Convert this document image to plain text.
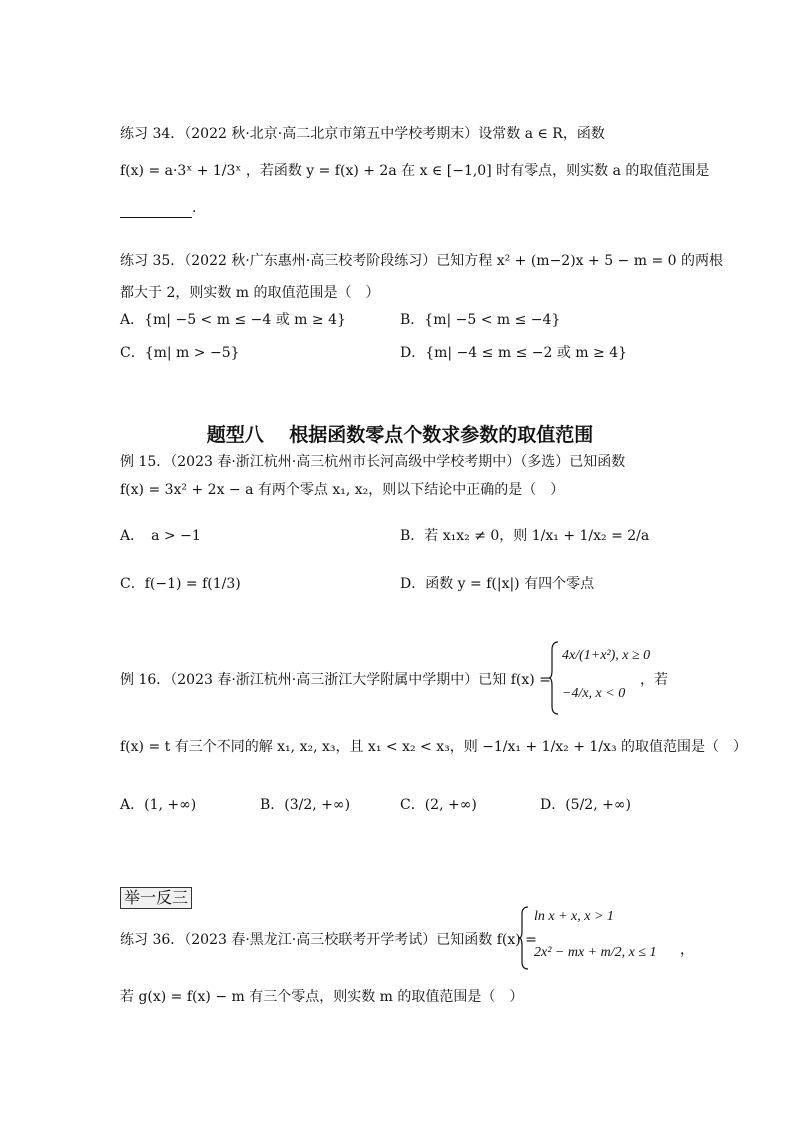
练习 34．（2022 秋·北京·高二北京市第五中学校考期末）设常数 a ∈ R，函数
f(x) = a·3ˣ + 1/3ˣ ，若函数 y = f(x) + 2a 在 x ∈ [−1,0] 时有零点，则实数 a 的取值范围是
.
练习 35．（2022 秋·广东惠州·高三校考阶段练习）已知方程 x² + (m−2)x + 5 − m = 0 的两根
都大于 2，则实数 m 的取值范围是（　）
A．{m| −5 < m ≤ −4 或 m ≥ 4}	B．{m| −5 < m ≤ −4}
C．{m| m > −5}	D．{m| −4 ≤ m ≤ −2 或 m ≥ 4}
题型八　 根据函数零点个数求参数的取值范围
例 15．（2023 春·浙江杭州·高三杭州市长河高级中学校考期中）（多选）已知函数
f(x) = 3x² + 2x − a 有两个零点 x₁, x₂，则以下结论中正确的是（　）
A．　a > −1	B．若 x₁x₂ ≠ 0，则 1/x₁ + 1/x₂ = 2/a
C．f(−1) = f(1/3)	D．函数 y = f(|x|) 有四个零点
例 16．（2023 春·浙江杭州·高三浙江大学附属中学期中）已知 f(x) =
4x/(1+x²), x ≥ 0
−4/x, x < 0
，若
f(x) = t 有三个不同的解 x₁, x₂, x₃，且 x₁ < x₂ < x₃，则 −1/x₁ + 1/x₂ + 1/x₃ 的取值范围是（　）
A．(1, +∞)	B．(3/2, +∞)	C．(2, +∞)	D．(5/2, +∞)
举一反三
练习 36．（2023 春·黑龙江·高三校联考开学考试）已知函数 f(x) =
ln x + x, x > 1
2x² − mx + m/2, x ≤ 1 ，
若 g(x) = f(x) − m 有三个零点，则实数 m 的取值范围是（　）
